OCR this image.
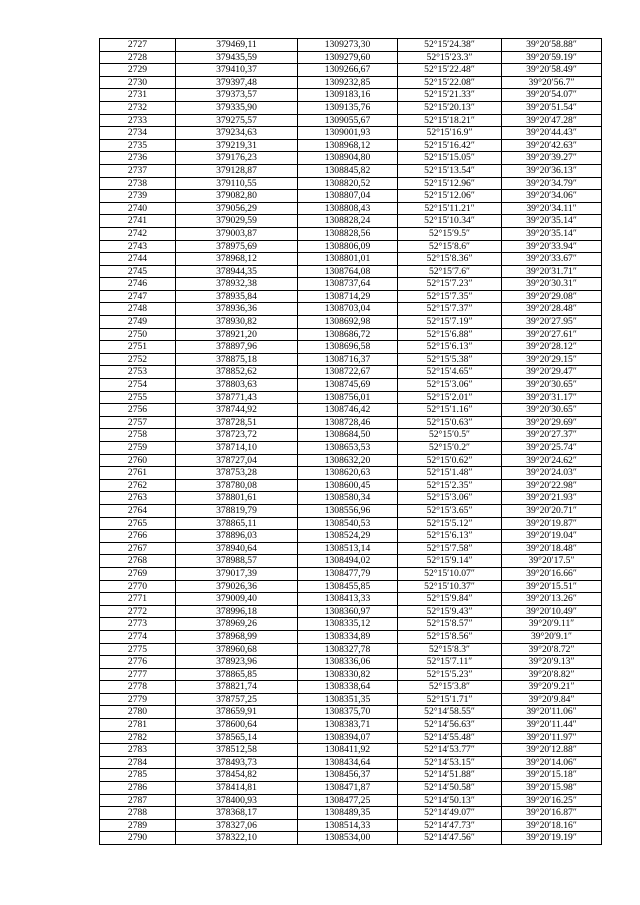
2727	379469,11	1309273,30	52°15′24.38″	39°20′58.88″
2728	379435,59	1309279,60	52°15′23.3″	39°20′59.19″
2729	379410,37	1309266,67	52°15′22.48″	39°20′58.49″
2730	379397,48	1309232,85	52°15′22.08″	39°20′56.7″
2731	379373,57	1309183,16	52°15′21.33″	39°20′54.07″
2732	379335,90	1309135,76	52°15′20.13″	39°20′51.54″
2733	379275,57	1309055,67	52°15′18.21″	39°20′47.28″
2734	379234,63	1309001,93	52°15′16.9″	39°20′44.43″
2735	379219,31	1308968,12	52°15′16.42″	39°20′42.63″
2736	379176,23	1308904,80	52°15′15.05″	39°20′39.27″
2737	379128,87	1308845,82	52°15′13.54″	39°20′36.13″
2738	379110,55	1308820,52	52°15′12.96″	39°20′34.79″
2739	379082,80	1308807,04	52°15′12.06″	39°20′34.06″
2740	379056,29	1308808,43	52°15′11.21″	39°20′34.11″
2741	379029,59	1308828,24	52°15′10.34″	39°20′35.14″
2742	379003,87	1308828,56	52°15′9.5″	39°20′35.14″
2743	378975,69	1308806,09	52°15′8.6″	39°20′33.94″
2744	378968,12	1308801,01	52°15′8.36″	39°20′33.67″
2745	378944,35	1308764,08	52°15′7.6″	39°20′31.71″
2746	378932,38	1308737,64	52°15′7.23″	39°20′30.31″
2747	378935,84	1308714,29	52°15′7.35″	39°20′29.08″
2748	378936,36	1308703,04	52°15′7.37″	39°20′28.48″
2749	378930,82	1308692,98	52°15′7.19″	39°20′27.95″
2750	378921,20	1308686,72	52°15′6.88″	39°20′27.61″
2751	378897,96	1308696,58	52°15′6.13″	39°20′28.12″
2752	378875,18	1308716,37	52°15′5.38″	39°20′29.15″
2753	378852,62	1308722,67	52°15′4.65″	39°20′29.47″
2754	378803,63	1308745,69	52°15′3.06″	39°20′30.65″
2755	378771,43	1308756,01	52°15′2.01″	39°20′31.17″
2756	378744,92	1308746,42	52°15′1.16″	39°20′30.65″
2757	378728,51	1308728,46	52°15′0.63″	39°20′29.69″
2758	378723,72	1308684,50	52°15′0.5″	39°20′27.37″
2759	378714,10	1308653,53	52°15′0.2″	39°20′25.74″
2760	378727,04	1308632,20	52°15′0.62″	39°20′24.62″
2761	378753,28	1308620,63	52°15′1.48″	39°20′24.03″
2762	378780,08	1308600,45	52°15′2.35″	39°20′22.98″
2763	378801,61	1308580,34	52°15′3.06″	39°20′21.93″
2764	378819,79	1308556,96	52°15′3.65″	39°20′20.71″
2765	378865,11	1308540,53	52°15′5.12″	39°20′19.87″
2766	378896,03	1308524,29	52°15′6.13″	39°20′19.04″
2767	378940,64	1308513,14	52°15′7.58″	39°20′18.48″
2768	378988,57	1308494,02	52°15′9.14″	39°20′17.5″
2769	379017,39	1308477,79	52°15′10.07″	39°20′16.66″
2770	379026,36	1308455,85	52°15′10.37″	39°20′15.51″
2771	379009,40	1308413,33	52°15′9.84″	39°20′13.26″
2772	378996,18	1308360,97	52°15′9.43″	39°20′10.49″
2773	378969,26	1308335,12	52°15′8.57″	39°20′9.11″
2774	378968,99	1308334,89	52°15′8.56″	39°20′9.1″
2775	378960,68	1308327,78	52°15′8.3″	39°20′8.72″
2776	378923,96	1308336,06	52°15′7.11″	39°20′9.13″
2777	378865,85	1308330,82	52°15′5.23″	39°20′8.82″
2778	378821,74	1308338,64	52°15′3.8″	39°20′9.21″
2779	378757,25	1308351,35	52°15′1.71″	39°20′9.84″
2780	378659,91	1308375,70	52°14′58.55″	39°20′11.06″
2781	378600,64	1308383,71	52°14′56.63″	39°20′11.44″
2782	378565,14	1308394,07	52°14′55.48″	39°20′11.97″
2783	378512,58	1308411,92	52°14′53.77″	39°20′12.88″
2784	378493,73	1308434,64	52°14′53.15″	39°20′14.06″
2785	378454,82	1308456,37	52°14′51.88″	39°20′15.18″
2786	378414,81	1308471,87	52°14′50.58″	39°20′15.98″
2787	378400,93	1308477,25	52°14′50.13″	39°20′16.25″
2788	378368,17	1308489,35	52°14′49.07″	39°20′16.87″
2789	378327,06	1308514,33	52°14′47.73″	39°20′18.16″
2790	378322,10	1308534,00	52°14′47.56″	39°20′19.19″
